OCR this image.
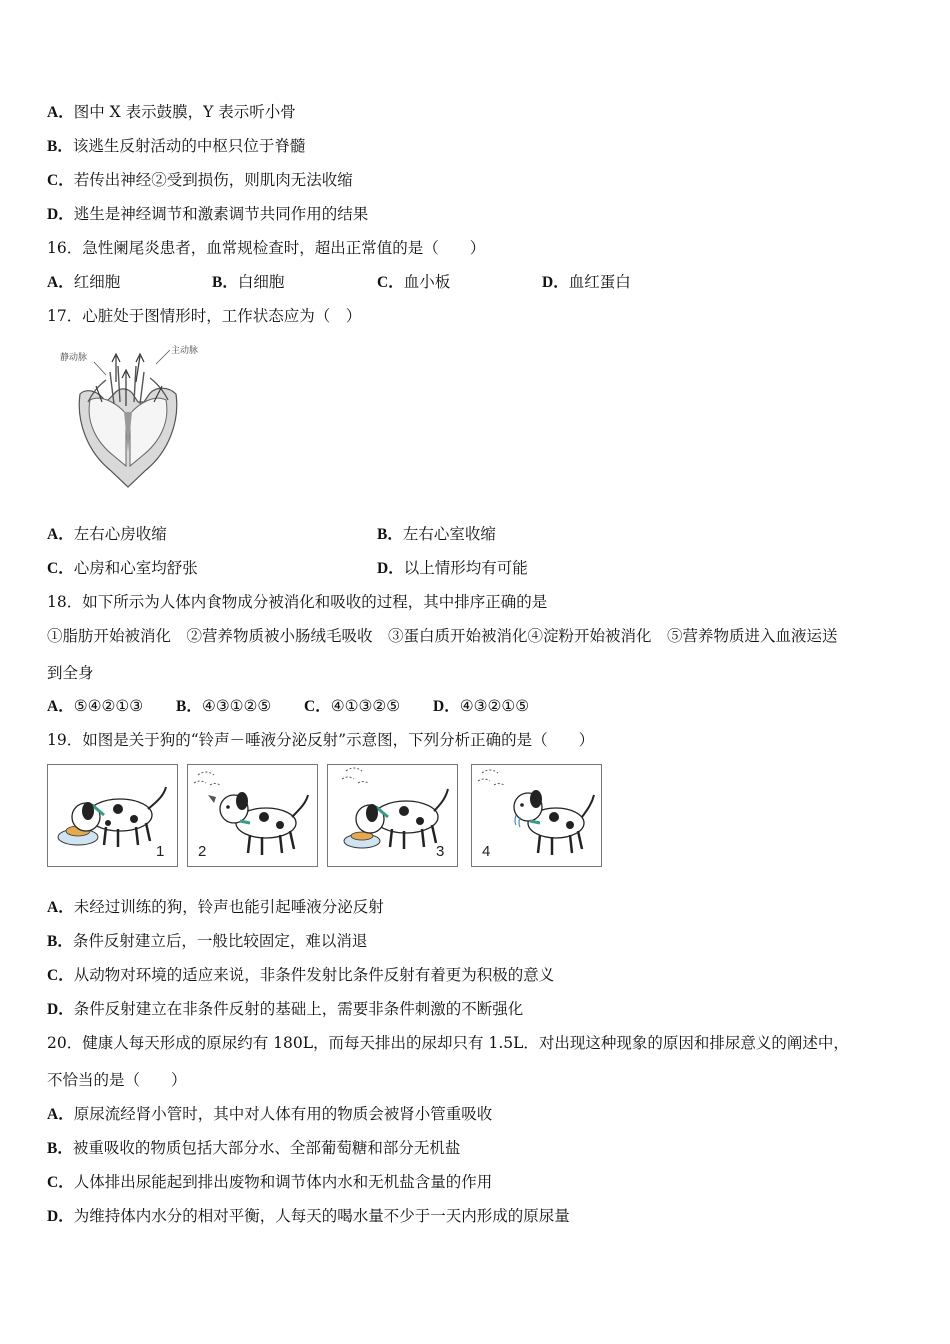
A．图中 X 表示鼓膜，Y 表示听小骨
B．该逃生反射活动的中枢只位于脊髓
C．若传出神经②受到损伤，则肌肉无法收缩
D．逃生是神经调节和激素调节共同作用的结果
16．急性阑尾炎患者，血常规检查时，超出正常值的是（　　）
A．红细胞	B．白细胞	C．血小板	D．血红蛋白
17．心脏处于图情形时，工作状态应为（　）
静动脉
主动脉
A．左右心房收缩	B．左右心室收缩
C．心房和心室均舒张	D．以上情形均有可能
18．如下所示为人体内食物成分被消化和吸收的过程，其中排序正确的是
①脂肪开始被消化　②营养物质被小肠绒毛吸收　③蛋白质开始被消化④淀粉开始被消化　⑤营养物质进入血液运送
到全身
A．⑤④②①③ B．④③①②⑤ C．④①③②⑤ D．④③②①⑤
19．如图是关于狗的“铃声－唾液分泌反射”示意图，下列分析正确的是（　　）
1 2	3	4
A．未经过训练的狗，铃声也能引起唾液分泌反射
B．条件反射建立后，一般比较固定，难以消退
C．从动物对环境的适应来说，非条件发射比条件反射有着更为积极的意义
D．条件反射建立在非条件反射的基础上，需要非条件刺激的不断强化
20．健康人每天形成的原尿约有 180L，而每天排出的尿却只有 1.5L．对出现这种现象的原因和排尿意义的阐述中，
不恰当的是（　　）
A．原尿流经肾小管时，其中对人体有用的物质会被肾小管重吸收
B．被重吸收的物质包括大部分水、全部葡萄糖和部分无机盐
C．人体排出尿能起到排出废物和调节体内水和无机盐含量的作用
D．为维持体内水分的相对平衡，人每天的喝水量不少于一天内形成的原尿量
